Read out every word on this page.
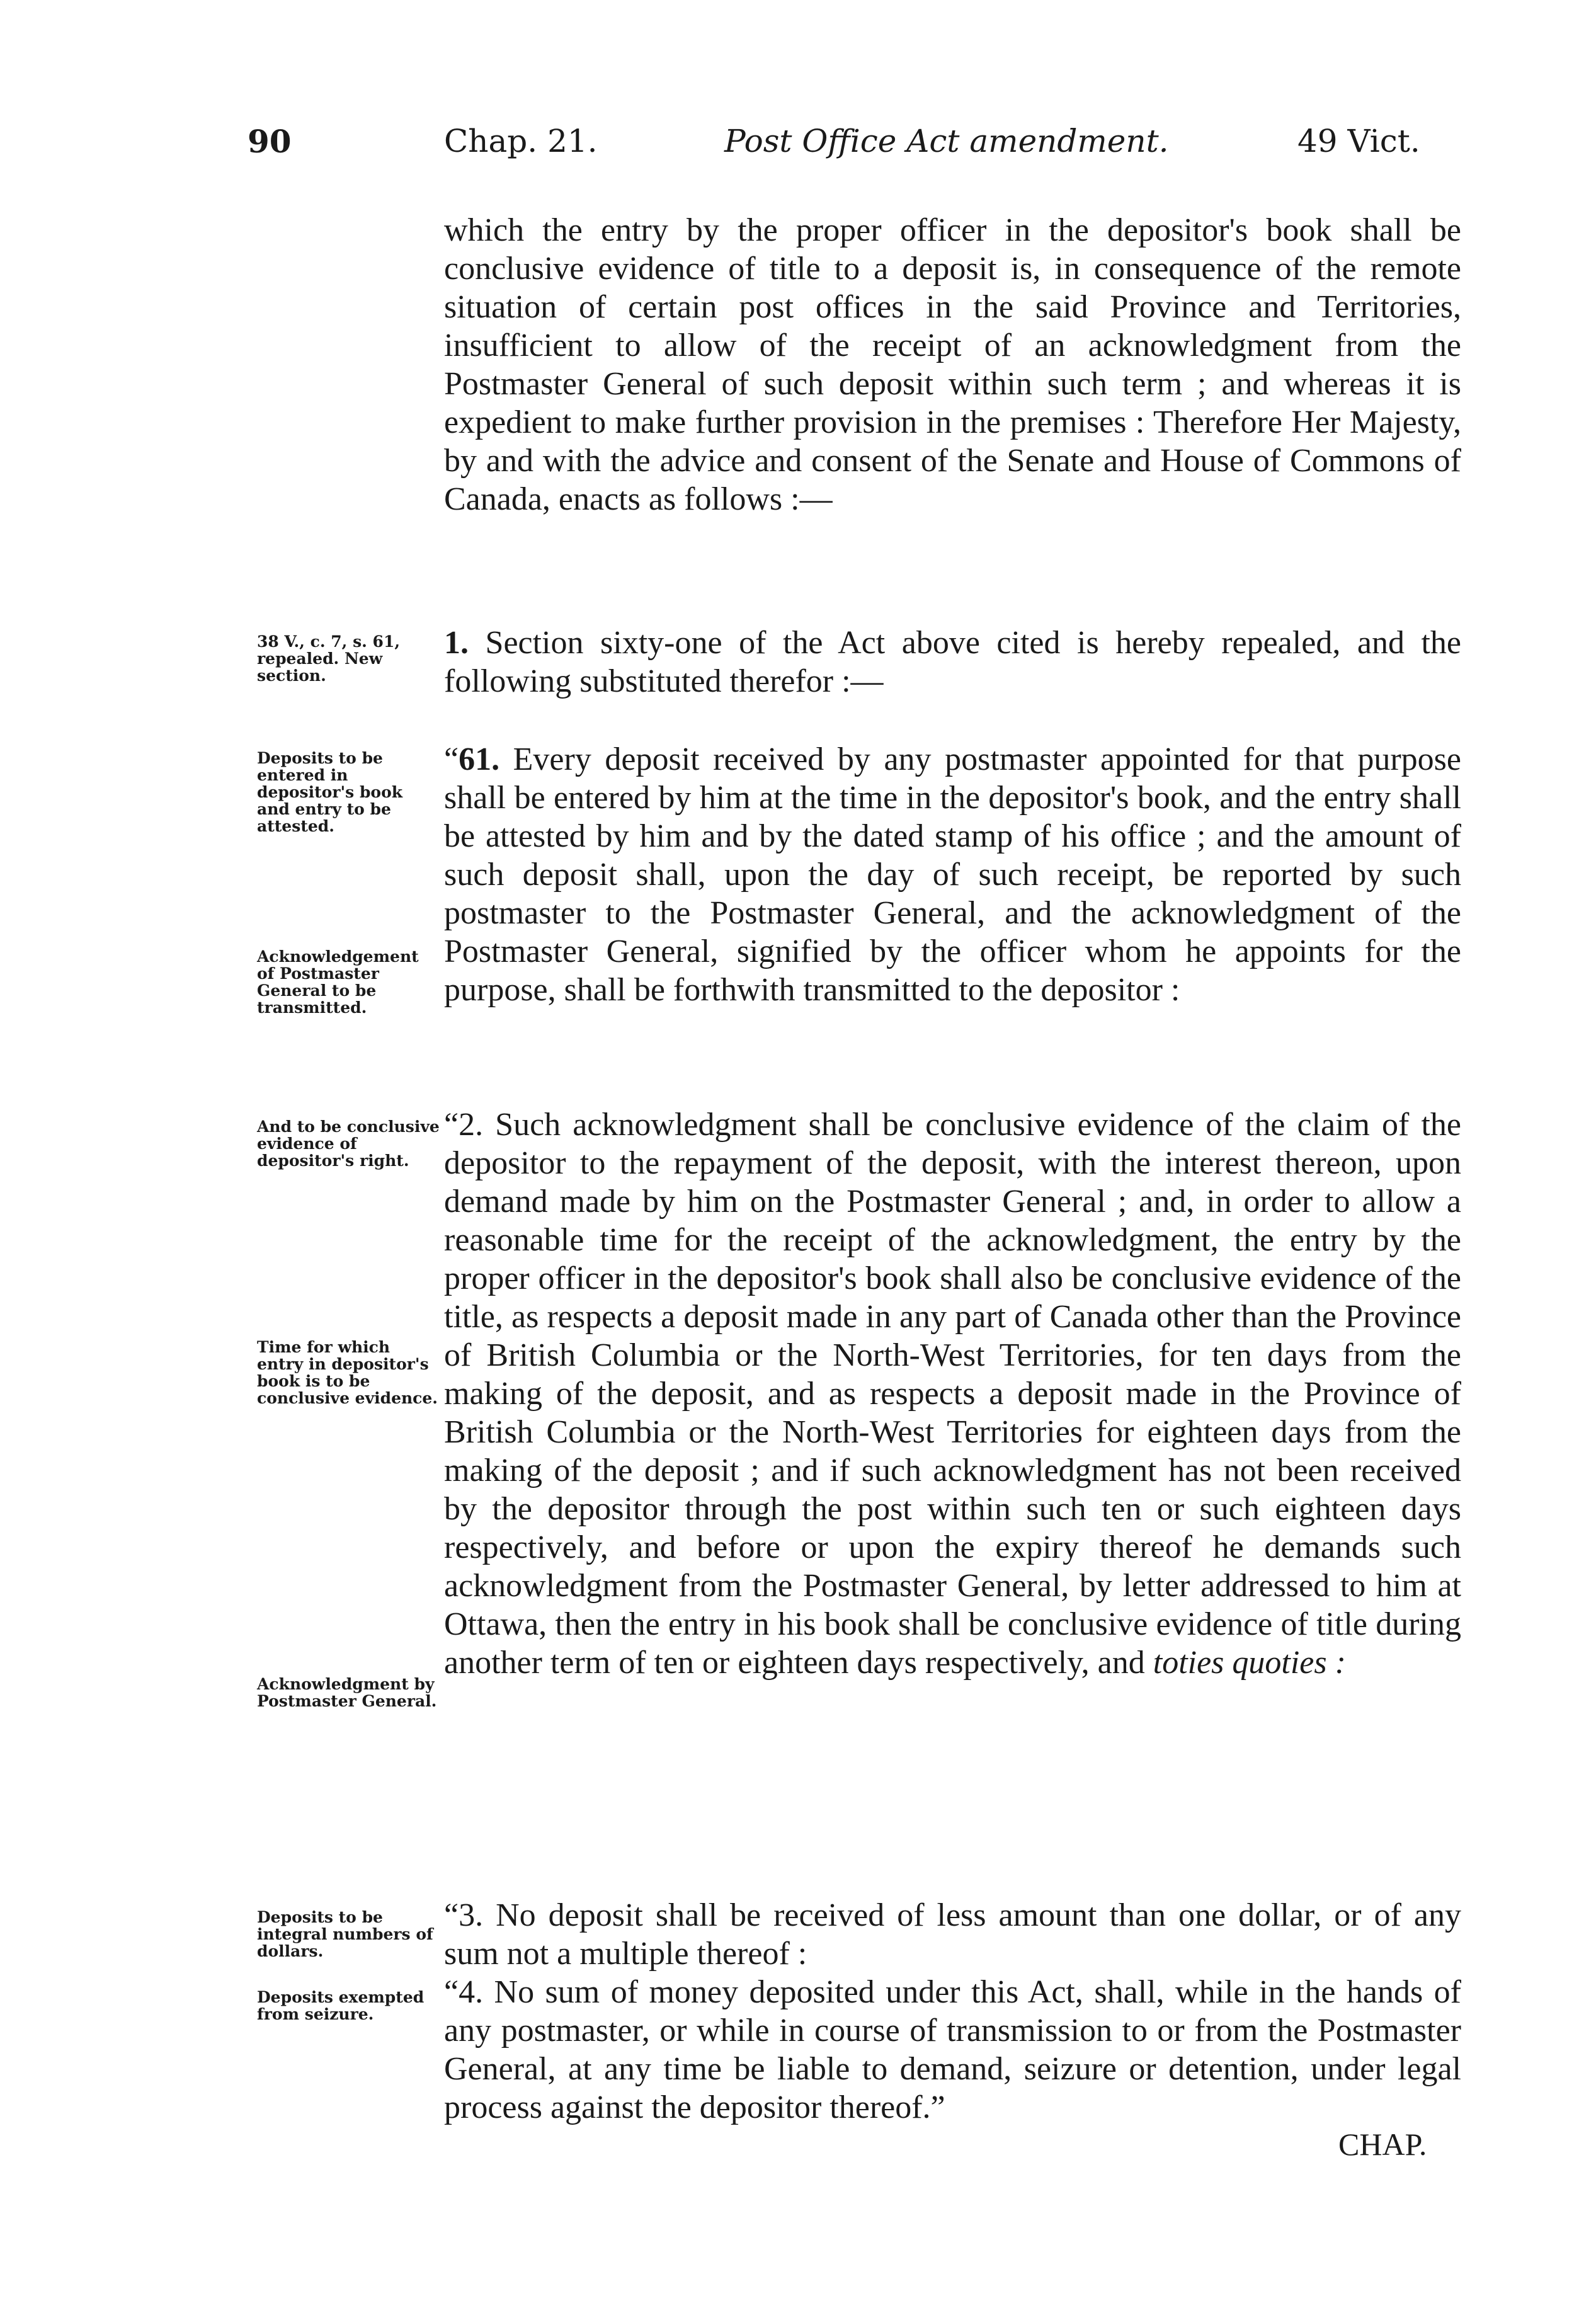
90	Chap. 21.	Post Office Act amendment.	49 Vict.

which the entry by the proper officer in the depositor's book shall be conclusive evidence of title to a deposit is, in consequence of the remote situation of certain post offices in the said Province and Territories, insufficient to allow of the receipt of an acknowledgment from the Postmaster General of such deposit within such term ; and whereas it is expedient to make further provision in the premises : Therefore Her Majesty, by and with the advice and consent of the Senate and House of Commons of Canada, enacts as follows :—

38 V., c. 7, s. 61, repealed. New section.

1. Section sixty-one of the Act above cited is hereby repealed, and the following substituted therefor :—

Deposits to be entered in depositor's book and entry to be attested.

Acknowledgement of Postmaster General to be transmitted.

“61. Every deposit received by any postmaster appointed for that purpose shall be entered by him at the time in the depositor's book, and the entry shall be attested by him and by the dated stamp of his office ; and the amount of such deposit shall, upon the day of such receipt, be reported by such postmaster to the Postmaster General, and the acknowledgment of the Postmaster General, signified by the officer whom he appoints for the purpose, shall be forthwith transmitted to the depositor :

And to be conclusive evidence of depositor's right.

Time for which entry in depositor's book is to be conclusive evidence.

Acknowledgment by Postmaster General.

“2. Such acknowledgment shall be conclusive evidence of the claim of the depositor to the repayment of the deposit, with the interest thereon, upon demand made by him on the Postmaster General ; and, in order to allow a reasonable time for the receipt of the acknowledgment, the entry by the proper officer in the depositor's book shall also be conclusive evidence of the title, as respects a deposit made in any part of Canada other than the Province of British Columbia or the North-West Territories, for ten days from the making of the deposit, and as respects a deposit made in the Province of British Columbia or the North-West Territories for eighteen days from the making of the deposit ; and if such acknowledgment has not been received by the depositor through the post within such ten or such eighteen days respectively, and before or upon the expiry thereof he demands such acknowledgment from the Postmaster General, by letter addressed to him at Ottawa, then the entry in his book shall be conclusive evidence of title during another term of ten or eighteen days respectively, and toties quoties :

Deposits to be integral numbers of dollars.

“3. No deposit shall be received of less amount than one dollar, or of any sum not a multiple thereof :

Deposits exempted from seizure.

“4. No sum of money deposited under this Act, shall, while in the hands of any postmaster, or while in course of transmission to or from the Postmaster General, at any time be liable to demand, seizure or detention, under legal process against the depositor thereof.”

CHAP.
